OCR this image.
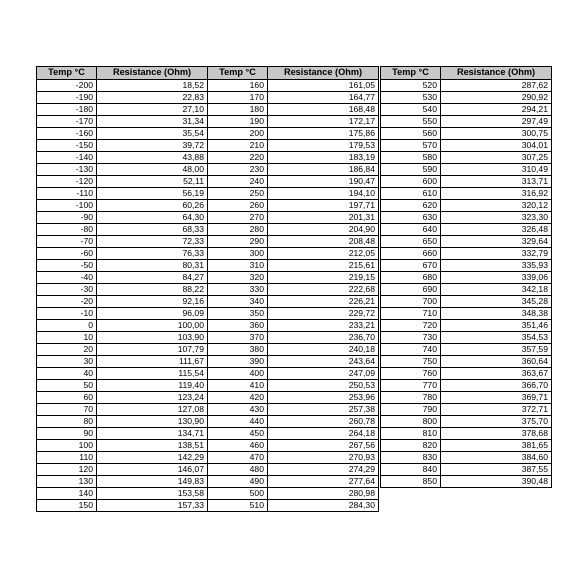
Temp °C	Resistance (Ohm)
-200	18,52
-190	22,83
-180	27,10
-170	31,34
-160	35,54
-150	39,72
-140	43,88
-130	48,00
-120	52,11
-110	56,19
-100	60,26
-90	64,30
-80	68,33
-70	72,33
-60	76,33
-50	80,31
-40	84,27
-30	88,22
-20	92,16
-10	96,09
0	100,00
10	103,90
20	107,79
30	111,67
40	115,54
50	119,40
60	123,24
70	127,08
80	130,90
90	134,71
100	138,51
110	142,29
120	146,07
130	149,83
140	153,58
150	157,33
Temp °C	Resistance (Ohm)
160	161,05
170	164,77
180	168,48
190	172,17
200	175,86
210	179,53
220	183,19
230	186,84
240	190,47
250	194,10
260	197,71
270	201,31
280	204,90
290	208,48
300	212,05
310	215,61
320	219,15
330	222,68
340	226,21
350	229,72
360	233,21
370	236,70
380	240,18
390	243,64
400	247,09
410	250,53
420	253,96
430	257,38
440	260,78
450	264,18
460	267,56
470	270,93
480	274,29
490	277,64
500	280,98
510	284,30
Temp °C	Resistance (Ohm)
520	287,62
530	290,92
540	294,21
550	297,49
560	300,75
570	304,01
580	307,25
590	310,49
600	313,71
610	316,92
620	320,12
630	323,30
640	326,48
650	329,64
660	332,79
670	335,93
680	339,06
690	342,18
700	345,28
710	348,38
720	351,46
730	354,53
740	357,59
750	360,64
760	363,67
770	366,70
780	369,71
790	372,71
800	375,70
810	378,68
820	381,65
830	384,60
840	387,55
850	390,48
